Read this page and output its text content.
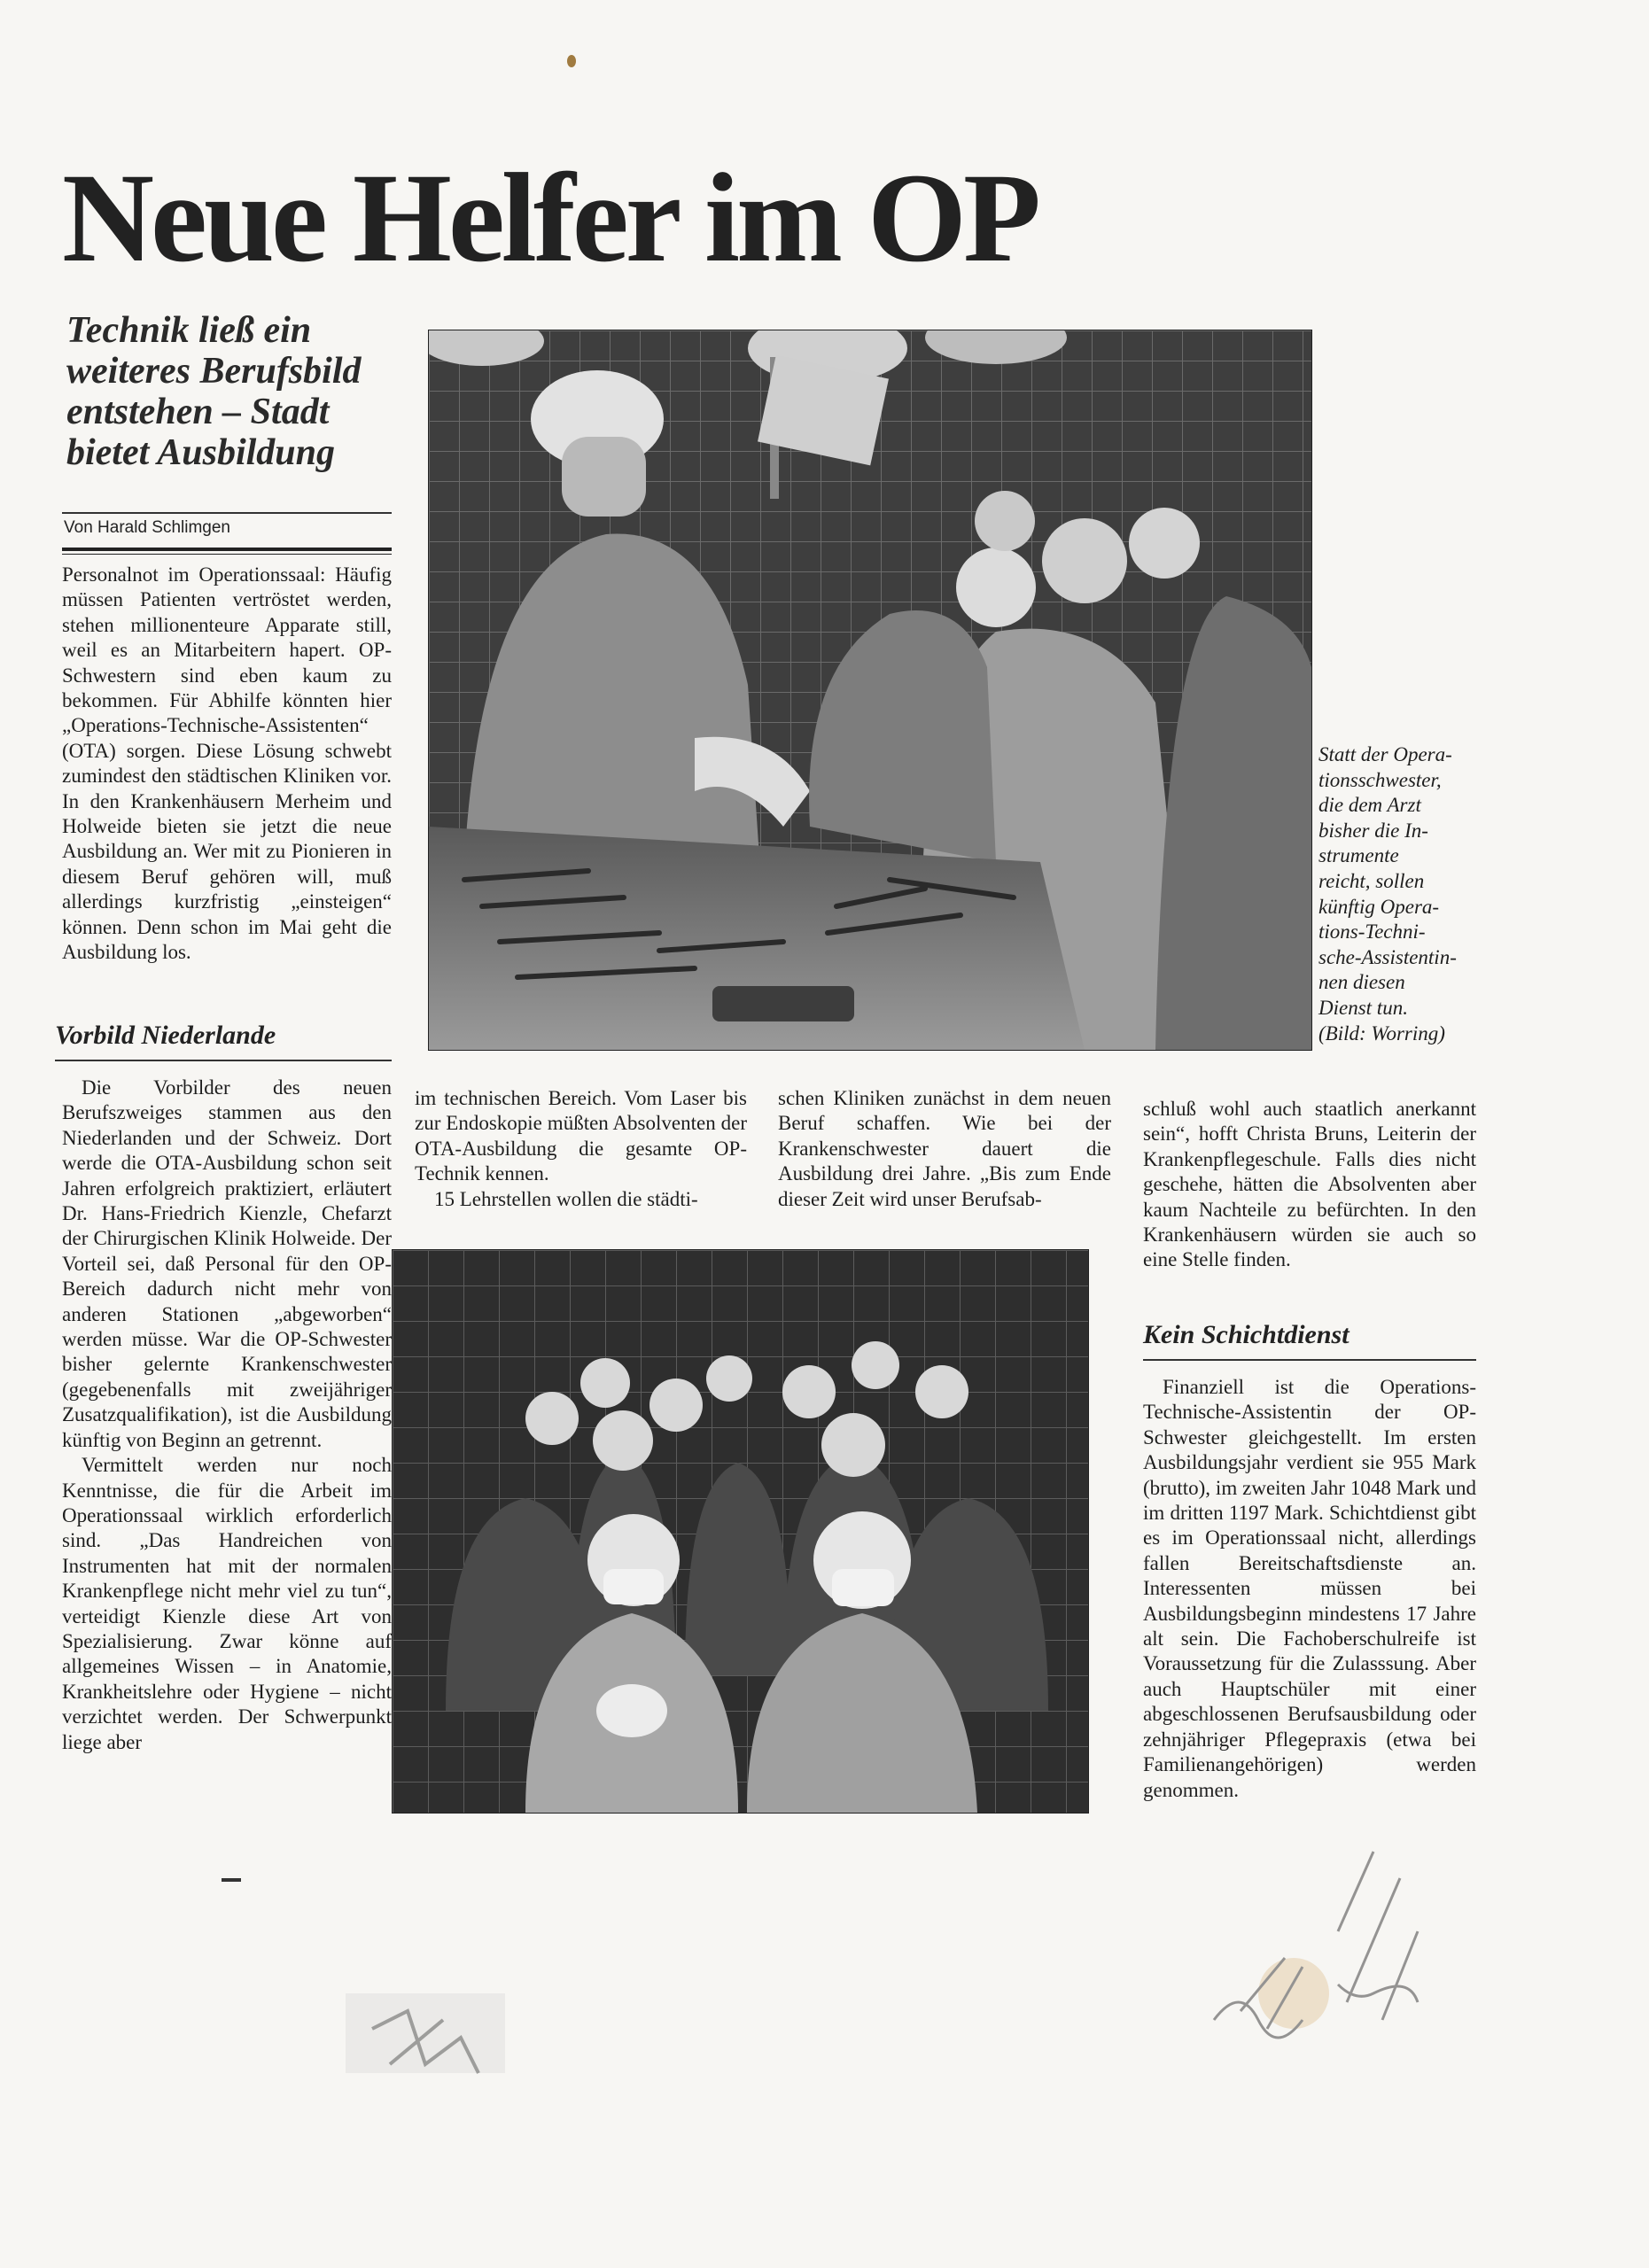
Neue Helfer im OP

Technik ließ ein weiteres Berufsbild entstehen – Stadt bietet Ausbildung

Von Harald Schlimgen
Statt der Opera-
tionsschwester,
die dem Arzt
bisher die In-
strumente
reicht, sollen
künftig Opera-
tions-Techni-
sche-Assistentin-
nen diesen
Dienst tun.
(Bild: Worring)

Personalnot im Operationssaal: Häufig müssen Patienten vertröstet werden, stehen millionenteure Apparate still, weil es an Mitarbeitern hapert. OP-Schwestern sind eben kaum zu bekommen. Für Abhilfe könnten hier „Operations-Technische-Assistenten“ (OTA) sorgen. Diese Lösung schwebt zumindest den städtischen Kliniken vor. In den Krankenhäusern Merheim und Holweide bieten sie jetzt die neue Ausbildung an. Wer mit zu Pionieren in diesem Beruf gehören will, muß allerdings kurzfristig „einsteigen“ können. Denn schon im Mai geht die Ausbildung los.

Vorbild Niederlande

Die Vorbilder des neuen Berufszweiges stammen aus den Niederlanden und der Schweiz. Dort werde die OTA-Ausbildung schon seit Jahren erfolgreich praktiziert, erläutert Dr. Hans-Friedrich Kienzle, Chefarzt der Chirurgischen Klinik Holweide. Der Vorteil sei, daß Personal für den OP-Bereich dadurch nicht mehr von anderen Stationen „abgeworben“ werden müsse. War die OP-Schwester bisher gelernte Krankenschwester (gegebenenfalls mit zweijähriger Zusatzqualifikation), ist die Ausbildung künftig von Beginn an getrennt.

Vermittelt werden nur noch Kenntnisse, die für die Arbeit im Operationssaal wirklich erforderlich sind. „Das Handreichen von Instrumenten hat mit der normalen Krankenpflege nicht mehr viel zu tun“, verteidigt Kienzle diese Art von Spezialisierung. Zwar könne auf allgemeines Wissen – in Anatomie, Krankheitslehre oder Hygiene – nicht verzichtet werden. Der Schwerpunkt liege aber

im technischen Bereich. Vom Laser bis zur Endoskopie müßten Absolventen der OTA-Ausbildung die gesamte OP-Technik kennen.

15 Lehrstellen wollen die städti-

schen Kliniken zunächst in dem neuen Beruf schaffen. Wie bei der Krankenschwester dauert die Ausbildung drei Jahre. „Bis zum Ende dieser Zeit wird unser Berufsab-

schluß wohl auch staatlich anerkannt sein“, hofft Christa Bruns, Leiterin der Krankenpflegeschule. Falls dies nicht geschehe, hätten die Absolventen aber kaum Nachteile zu befürchten. In den Krankenhäusern würden sie auch so eine Stelle finden.

Kein Schichtdienst

Finanziell ist die Operations-Technische-Assistentin der OP-Schwester gleichgestellt. Im ersten Ausbildungsjahr verdient sie 955 Mark (brutto), im zweiten Jahr 1048 Mark und im dritten 1197 Mark. Schichtdienst gibt es im Operationssaal nicht, allerdings fallen Bereitschaftsdienste an. Interessenten müssen bei Ausbildungsbeginn mindestens 17 Jahre alt sein. Die Fachoberschulreife ist Voraussetzung für die Zulasssung. Aber auch Hauptschüler mit einer abgeschlossenen Berufsausbildung oder zehnjähriger Pflegepraxis (etwa bei Familienangehörigen) werden genommen.
